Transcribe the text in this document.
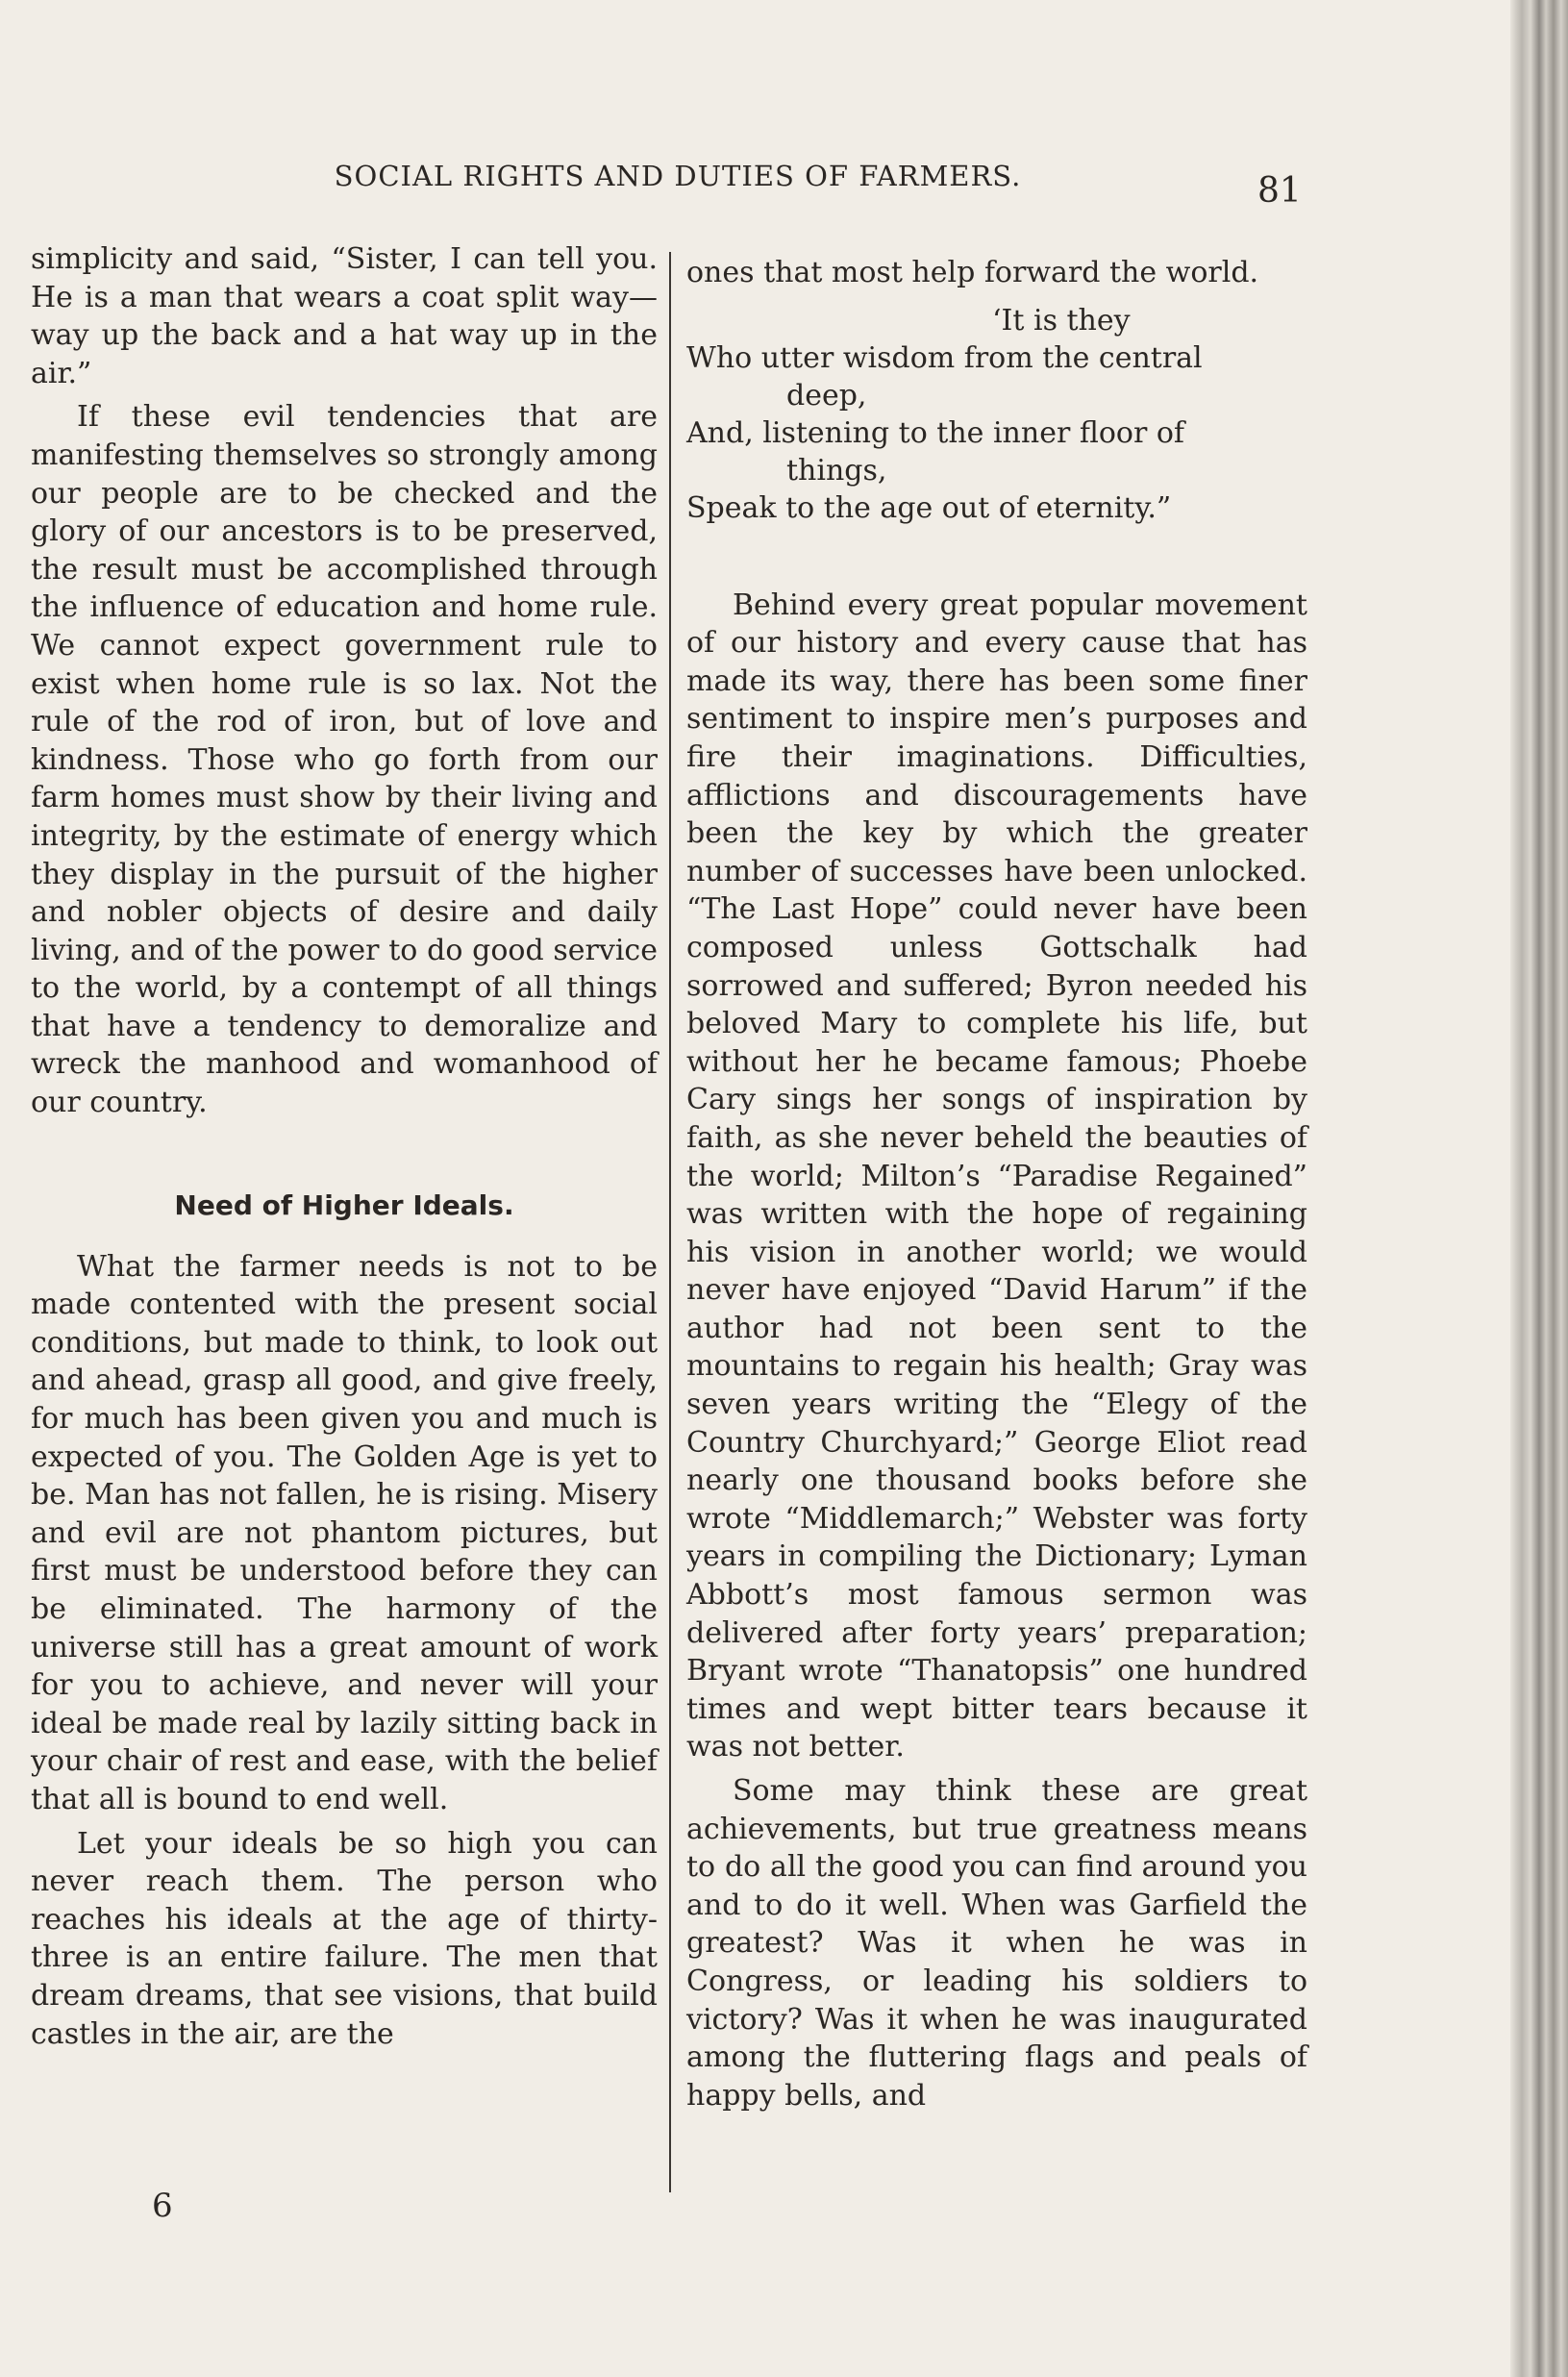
SOCIAL RIGHTS AND DUTIES OF FARMERS.	81

simplicity and said, “Sister, I can tell you. He is a man that wears a coat split way—way up the back and a hat way up in the air.”

If these evil tendencies that are manifesting themselves so strongly among our people are to be checked and the glory of our ancestors is to be preserved, the result must be accomplished through the influence of education and home rule. We cannot expect government rule to exist when home rule is so lax. Not the rule of the rod of iron, but of love and kindness. Those who go forth from our farm homes must show by their living and integrity, by the estimate of energy which they display in the pursuit of the higher and nobler objects of desire and daily living, and of the power to do good service to the world, by a contempt of all things that have a tendency to demoralize and wreck the manhood and womanhood of our country.

Need of Higher Ideals.

What the farmer needs is not to be made contented with the present social conditions, but made to think, to look out and ahead, grasp all good, and give freely, for much has been given you and much is expected of you. The Golden Age is yet to be. Man has not fallen, he is rising. Misery and evil are not phantom pictures, but first must be understood before they can be eliminated. The harmony of the universe still has a great amount of work for you to achieve, and never will your ideal be made real by lazily sitting back in your chair of rest and ease, with the belief that all is bound to end well.

Let your ideals be so high you can never reach them. The person who reaches his ideals at the age of thirty-three is an entire failure. The men that dream dreams, that see visions, that build castles in the air, are the

ones that most help forward the world.

‘It is they
Who utter wisdom from the central
deep,
And, listening to the inner floor of
things,
Speak to the age out of eternity.”

Behind every great popular movement of our history and every cause that has made its way, there has been some finer sentiment to inspire men’s purposes and fire their imaginations. Difficulties, afflictions and discouragements have been the key by which the greater number of successes have been unlocked. “The Last Hope” could never have been composed unless Gottschalk had sorrowed and suffered; Byron needed his beloved Mary to complete his life, but without her he became famous; Phoebe Cary sings her songs of inspiration by faith, as she never beheld the beauties of the world; Milton’s “Paradise Regained” was written with the hope of regaining his vision in another world; we would never have enjoyed “David Harum” if the author had not been sent to the mountains to regain his health; Gray was seven years writing the “Elegy of the Country Churchyard;” George Eliot read nearly one thousand books before she wrote “Middlemarch;” Webster was forty years in compiling the Dictionary; Lyman Abbott’s most famous sermon was delivered after forty years’ preparation; Bryant wrote “Thanatopsis” one hundred times and wept bitter tears because it was not better.

Some may think these are great achievements, but true greatness means to do all the good you can find around you and to do it well. When was Garfield the greatest? Was it when he was in Congress, or leading his soldiers to victory? Was it when he was inaugurated among the fluttering flags and peals of happy bells, and

6
